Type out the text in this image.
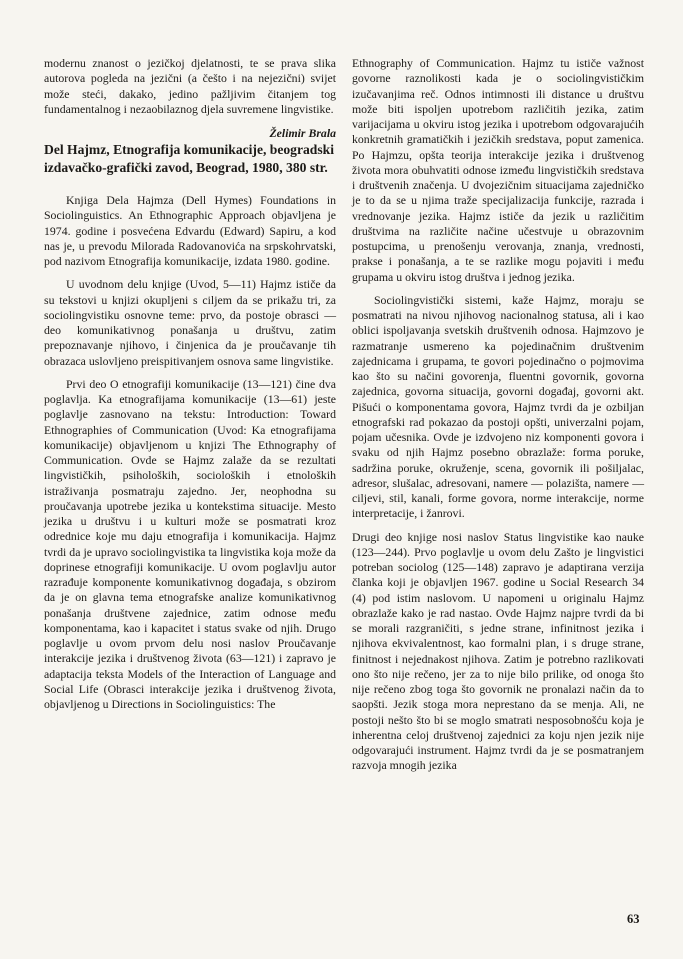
modernu znanost o jezičkoj djelatnosti, te se prava slika autorova pogleda na jezični (a češto i na nejezični) svijet može steći, dakako, jedino pažljivim čitanjem tog fundamentalnog i nezaobilaznog djela suvremene lingvistike.

Želimir Brala

Del Hajmz, Etnografija komunikacije, beogradski izdavačko-grafički zavod, Beograd, 1980, 380 str.

Knjiga Dela Hajmza (Dell Hymes) Foundations in Sociolinguistics. An Ethnographic Approach objavljena je 1974. godine i posvećena Edvardu (Edward) Sapiru, a kod nas je, u prevodu Milorada Radovanovića na srpskohrvatski, pod nazivom Etnografija komunikacije, izdata 1980. godine.

U uvodnom delu knjige (Uvod, 5—11) Hajmz ističe da su tekstovi u knjizi okupljeni s ciljem da se prikažu tri, za sociolingvistiku osnovne teme: prvo, da postoje obrasci — deo komunikativnog ponašanja u društvu, zatim prepoznavanje njihovo, i činjenica da je proučavanje tih obrazaca uslovljeno preispitivanjem osnova same lingvistike.

Prvi deo O etnografiji komunikacije (13—121) čine dva poglavlja. Ka etnografijama komunikacije (13—61) jeste poglavlje zasnovano na tekstu: Introduction: Toward Ethnographies of Communication (Uvod: Ka etnografijama komunikacije) objavljenom u knjizi The Ethnography of Communication. Ovde se Hajmz zalaže da se rezultati lingvističkih, psiholoških, socioloških i etnoloških istraživanja posmatraju zajedno. Jer, neophodna su proučavanja upotrebe jezika u kontekstima situacije. Mesto jezika u društvu i u kulturi može se posmatrati kroz odrednice koje mu daju etnografija i komunikacija. Hajmz tvrdi da je upravo sociolingvistika ta lingvistika koja može da doprinese etnografiji komunikacije. U ovom poglavlju autor razrađuje komponente komunikativnog događaja, s obzirom da je on glavna tema etnografske analize komunikativnog ponašanja društvene zajednice, zatim odnose među komponentama, kao i kapacitet i status svake od njih. Drugo poglavlje u ovom prvom delu nosi naslov Proučavanje interakcije jezika i društvenog života (63—121) i zapravo je adaptacija teksta Models of the Interaction of Language and Social Life (Obrasci interakcije jezika i društvenog života, objavljenog u Directions in Sociolinguistics: The

Ethnography of Communication. Hajmz tu ističe važnost govorne raznolikosti kada je o sociolingvističkim izučavanjima reč. Odnos intimnosti ili distance u društvu može biti ispoljen upotrebom različitih jezika, zatim varijacijama u okviru istog jezika i upotrebom odgovarajućih konkretnih gramatičkih i jezičkih sredstava, poput zamenica. Po Hajmzu, opšta teorija interakcije jezika i društvenog života mora obuhvatiti odnose između lingvističkih sredstava i društvenih značenja. U dvojezičnim situacijama zajedničko je to da se u njima traže specijalizacija funkcije, razrada i vrednovanje jezika. Hajmz ističe da jezik u različitim društvima na različite načine učestvuje u obrazovnim postupcima, u prenošenju verovanja, znanja, vrednosti, prakse i ponašanja, a te se razlike mogu pojaviti i među grupama u okviru istog društva i jednog jezika.

Sociolingvistički sistemi, kaže Hajmz, moraju se posmatrati na nivou njihovog nacionalnog statusa, ali i kao oblici ispoljavanja svetskih društvenih odnosa. Hajmzovo je razmatranje usmereno ka pojedinačnim društvenim zajednicama i grupama, te govori pojedinačno o pojmovima kao što su načini govorenja, fluentni govornik, govorna zajednica, govorna situacija, govorni događaj, govorni akt. Pišući o komponentama govora, Hajmz tvrdi da je ozbiljan etnografski rad pokazao da postoji opšti, univerzalni pojam, pojam učesnika. Ovde je izdvojeno niz komponenti govora i svaku od njih Hajmz posebno obrazlaže: forma poruke, sadržina poruke, okruženje, scena, govornik ili pošiljalac, adresor, slušalac, adresovani, namere — polazišta, namere — ciljevi, stil, kanali, forme govora, norme interakcije, norme interpretacije, i žanrovi.

Drugi deo knjige nosi naslov Status lingvistike kao nauke (123—244). Prvo poglavlje u ovom delu Zašto je lingvistici potreban sociolog (125—148) zapravo je adaptirana verzija članka koji je objavljen 1967. godine u Social Research 34 (4) pod istim naslovom. U napomeni u originalu Hajmz obrazlaže kako je rad nastao. Ovde Hajmz najpre tvrdi da bi se morali razgraničiti, s jedne strane, infinitnost jezika i njihova ekvivalentnost, kao formalni plan, i s druge strane, finitnost i nejednakost njihova. Zatim je potrebno razlikovati ono što nije rečeno, jer za to nije bilo prilike, od onoga što nije rečeno zbog toga što govornik ne pronalazi način da to saopšti. Jezik stoga mora neprestano da se menja. Ali, ne postoji nešto što bi se moglo smatrati nesposobnošću koja je inherentna celoj društvenoj zajednici za koju njen jezik nije odgovarajući instrument. Hajmz tvrdi da je se posmatranjem razvoja mnogih jezika

63
